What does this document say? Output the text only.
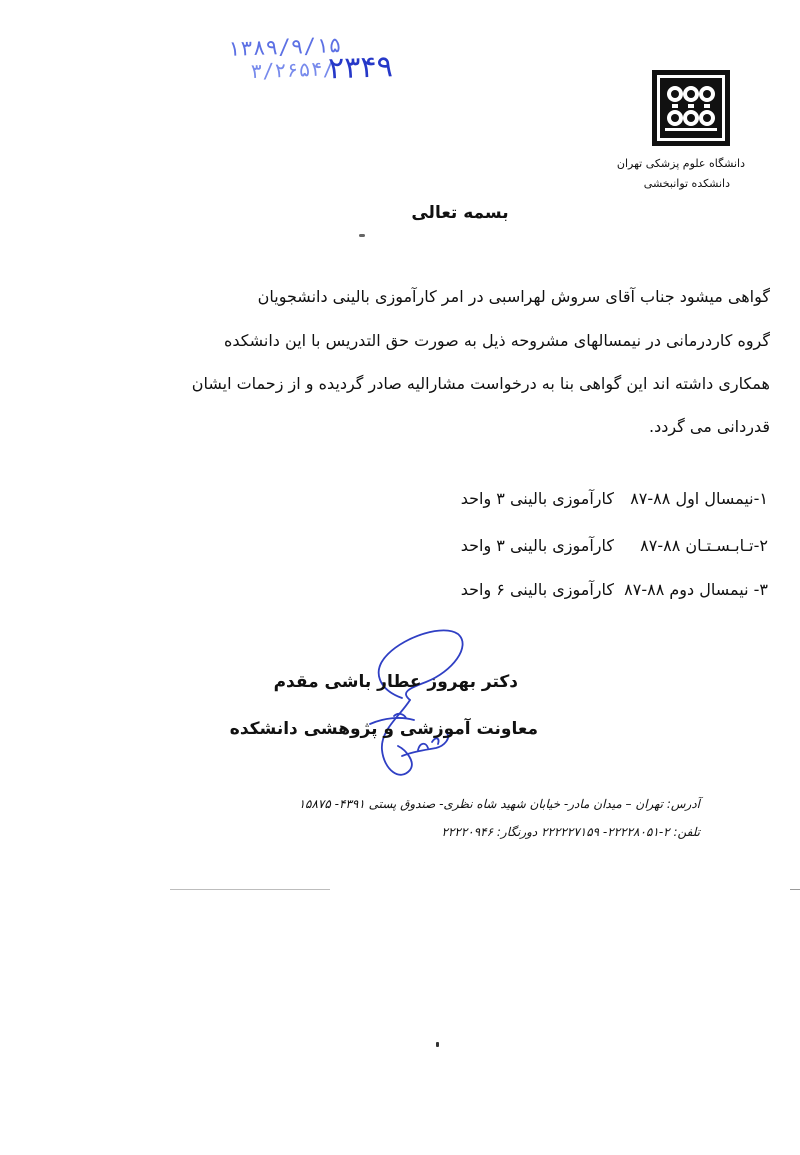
۱۳۸۹/۹/۱۵
۳/۲۶۵۴/
۲۳۴۹
دانشگاه علوم پزشکی تهران
دانشکده توانبخشی
بسمه تعالی
گواهی میشود جناب آقای سروش لهراسبی در امر کارآموزی بالینی دانشجویان
گروه کاردرمانی در نیمسالهای مشروحه ذیل به صورت حق التدریس با این دانشکده
همکاری داشته اند این گواهی بنا به درخواست مشارالیه صادر گردیده و از زحمات ایشان
قدردانی می گردد.
۱-نیمسال اول ۸۸-۸۷
کارآموزی بالینی ۳ واحد
۲-تـابـسـتـان ۸۸-۸۷
کارآموزی بالینی ۳ واحد
۳- نیمسال دوم ۸۸-۸۷
کارآموزی بالینی ۶ واحد
دکتر بهروز عطار باشی مقدم
معاونت آموزشی و پژوهشی دانشکده
آدرس: تهران – میدان مادر- خیابان شهید شاه نظری- صندوق پستی ۴۳۹۱- ۱۵۸۷۵
تلفن: ۲-۲۲۲۲۸۰۵۱- ۲۲۲۲۲۷۱۵۹ دورنگار: ۲۲۲۲۰۹۴۶
